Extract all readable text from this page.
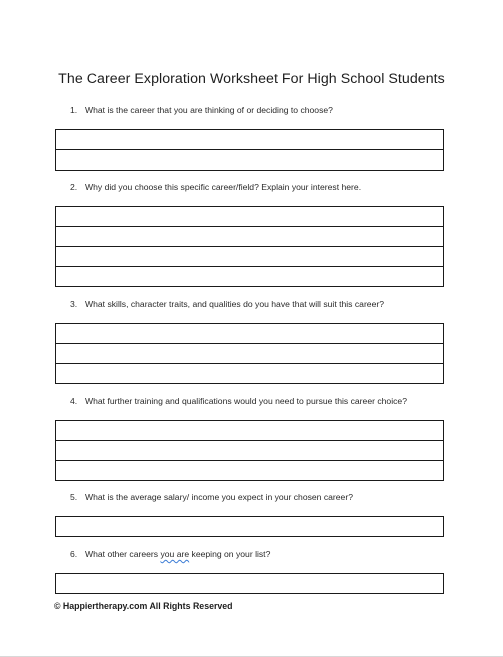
The Career Exploration Worksheet For High School Students
1. What is the career that you are thinking of or deciding to choose?
2. Why did you choose this specific career/field? Explain your interest here.
3. What skills, character traits, and qualities do you have that will suit this career?
4. What further training and qualifications would you need to pursue this career choice?
5. What is the average salary/ income you expect in your chosen career?
6. What other careers you are keeping on your list?
© Happiertherapy.com All Rights Reserved
